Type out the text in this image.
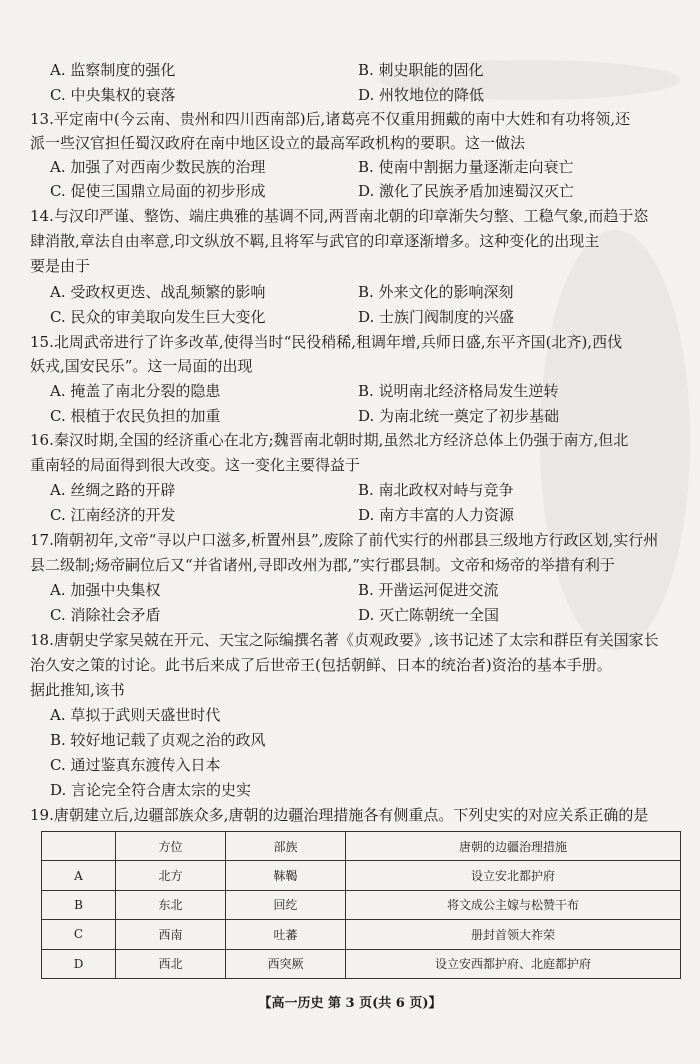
A. 监察制度的强化	B. 刺史职能的固化
C. 中央集权的衰落	D. 州牧地位的降低
13.平定南中(今云南、贵州和四川西南部)后,诸葛亮不仅重用拥戴的南中大姓和有功将领,还
派一些汉官担任蜀汉政府在南中地区设立的最高军政机构的要职。这一做法
A. 加强了对西南少数民族的治理	B. 使南中割据力量逐渐走向衰亡
C. 促使三国鼎立局面的初步形成	D. 激化了民族矛盾加速蜀汉灭亡
14.与汉印严谨、整饬、端庄典雅的基调不同,两晋南北朝的印章渐失匀整、工稳气象,而趋于恣
肆消散,章法自由率意,印文纵放不羁,且将军与武官的印章逐渐增多。这种变化的出现主
要是由于
A. 受政权更迭、战乱频繁的影响	B. 外来文化的影响深刻
C. 民众的审美取向发生巨大变化	D. 士族门阀制度的兴盛
15.北周武帝进行了许多改革,使得当时“民役稍稀,租调年增,兵师日盛,东平齐国(北齐),西伐
妖戎,国安民乐”。这一局面的出现
A. 掩盖了南北分裂的隐患	B. 说明南北经济格局发生逆转
C. 根植于农民负担的加重	D. 为南北统一奠定了初步基础
16.秦汉时期,全国的经济重心在北方;魏晋南北朝时期,虽然北方经济总体上仍强于南方,但北
重南轻的局面得到很大改变。这一变化主要得益于
A. 丝绸之路的开辟	B. 南北政权对峙与竞争
C. 江南经济的开发	D. 南方丰富的人力资源
17.隋朝初年,文帝“寻以户口滋多,析置州县”,废除了前代实行的州郡县三级地方行政区划,实行州
县二级制;炀帝嗣位后又“并省诸州,寻即改州为郡,”实行郡县制。文帝和炀帝的举措有利于
A. 加强中央集权	B. 开凿运河促进交流
C. 消除社会矛盾	D. 灭亡陈朝统一全国
18.唐朝史学家吴兢在开元、天宝之际编撰名著《贞观政要》,该书记述了太宗和群臣有关国家长
治久安之策的讨论。此书后来成了后世帝王(包括朝鲜、日本的统治者)资治的基本手册。
据此推知,该书
A. 草拟于武则天盛世时代
B. 较好地记载了贞观之治的政风
C. 通过鉴真东渡传入日本
D. 言论完全符合唐太宗的史实
19.唐朝建立后,边疆部族众多,唐朝的边疆治理措施各有侧重点。下列史实的对应关系正确的是
	方位	部族	唐朝的边疆治理措施
A	北方	靺鞨	设立安北都护府
B	东北	回纥	将文成公主嫁与松赞干布
C	西南	吐蕃	册封首领大祚荣
D	西北	西突厥	设立安西都护府、北庭都护府
【高一历史 第 3 页(共 6 页)】
